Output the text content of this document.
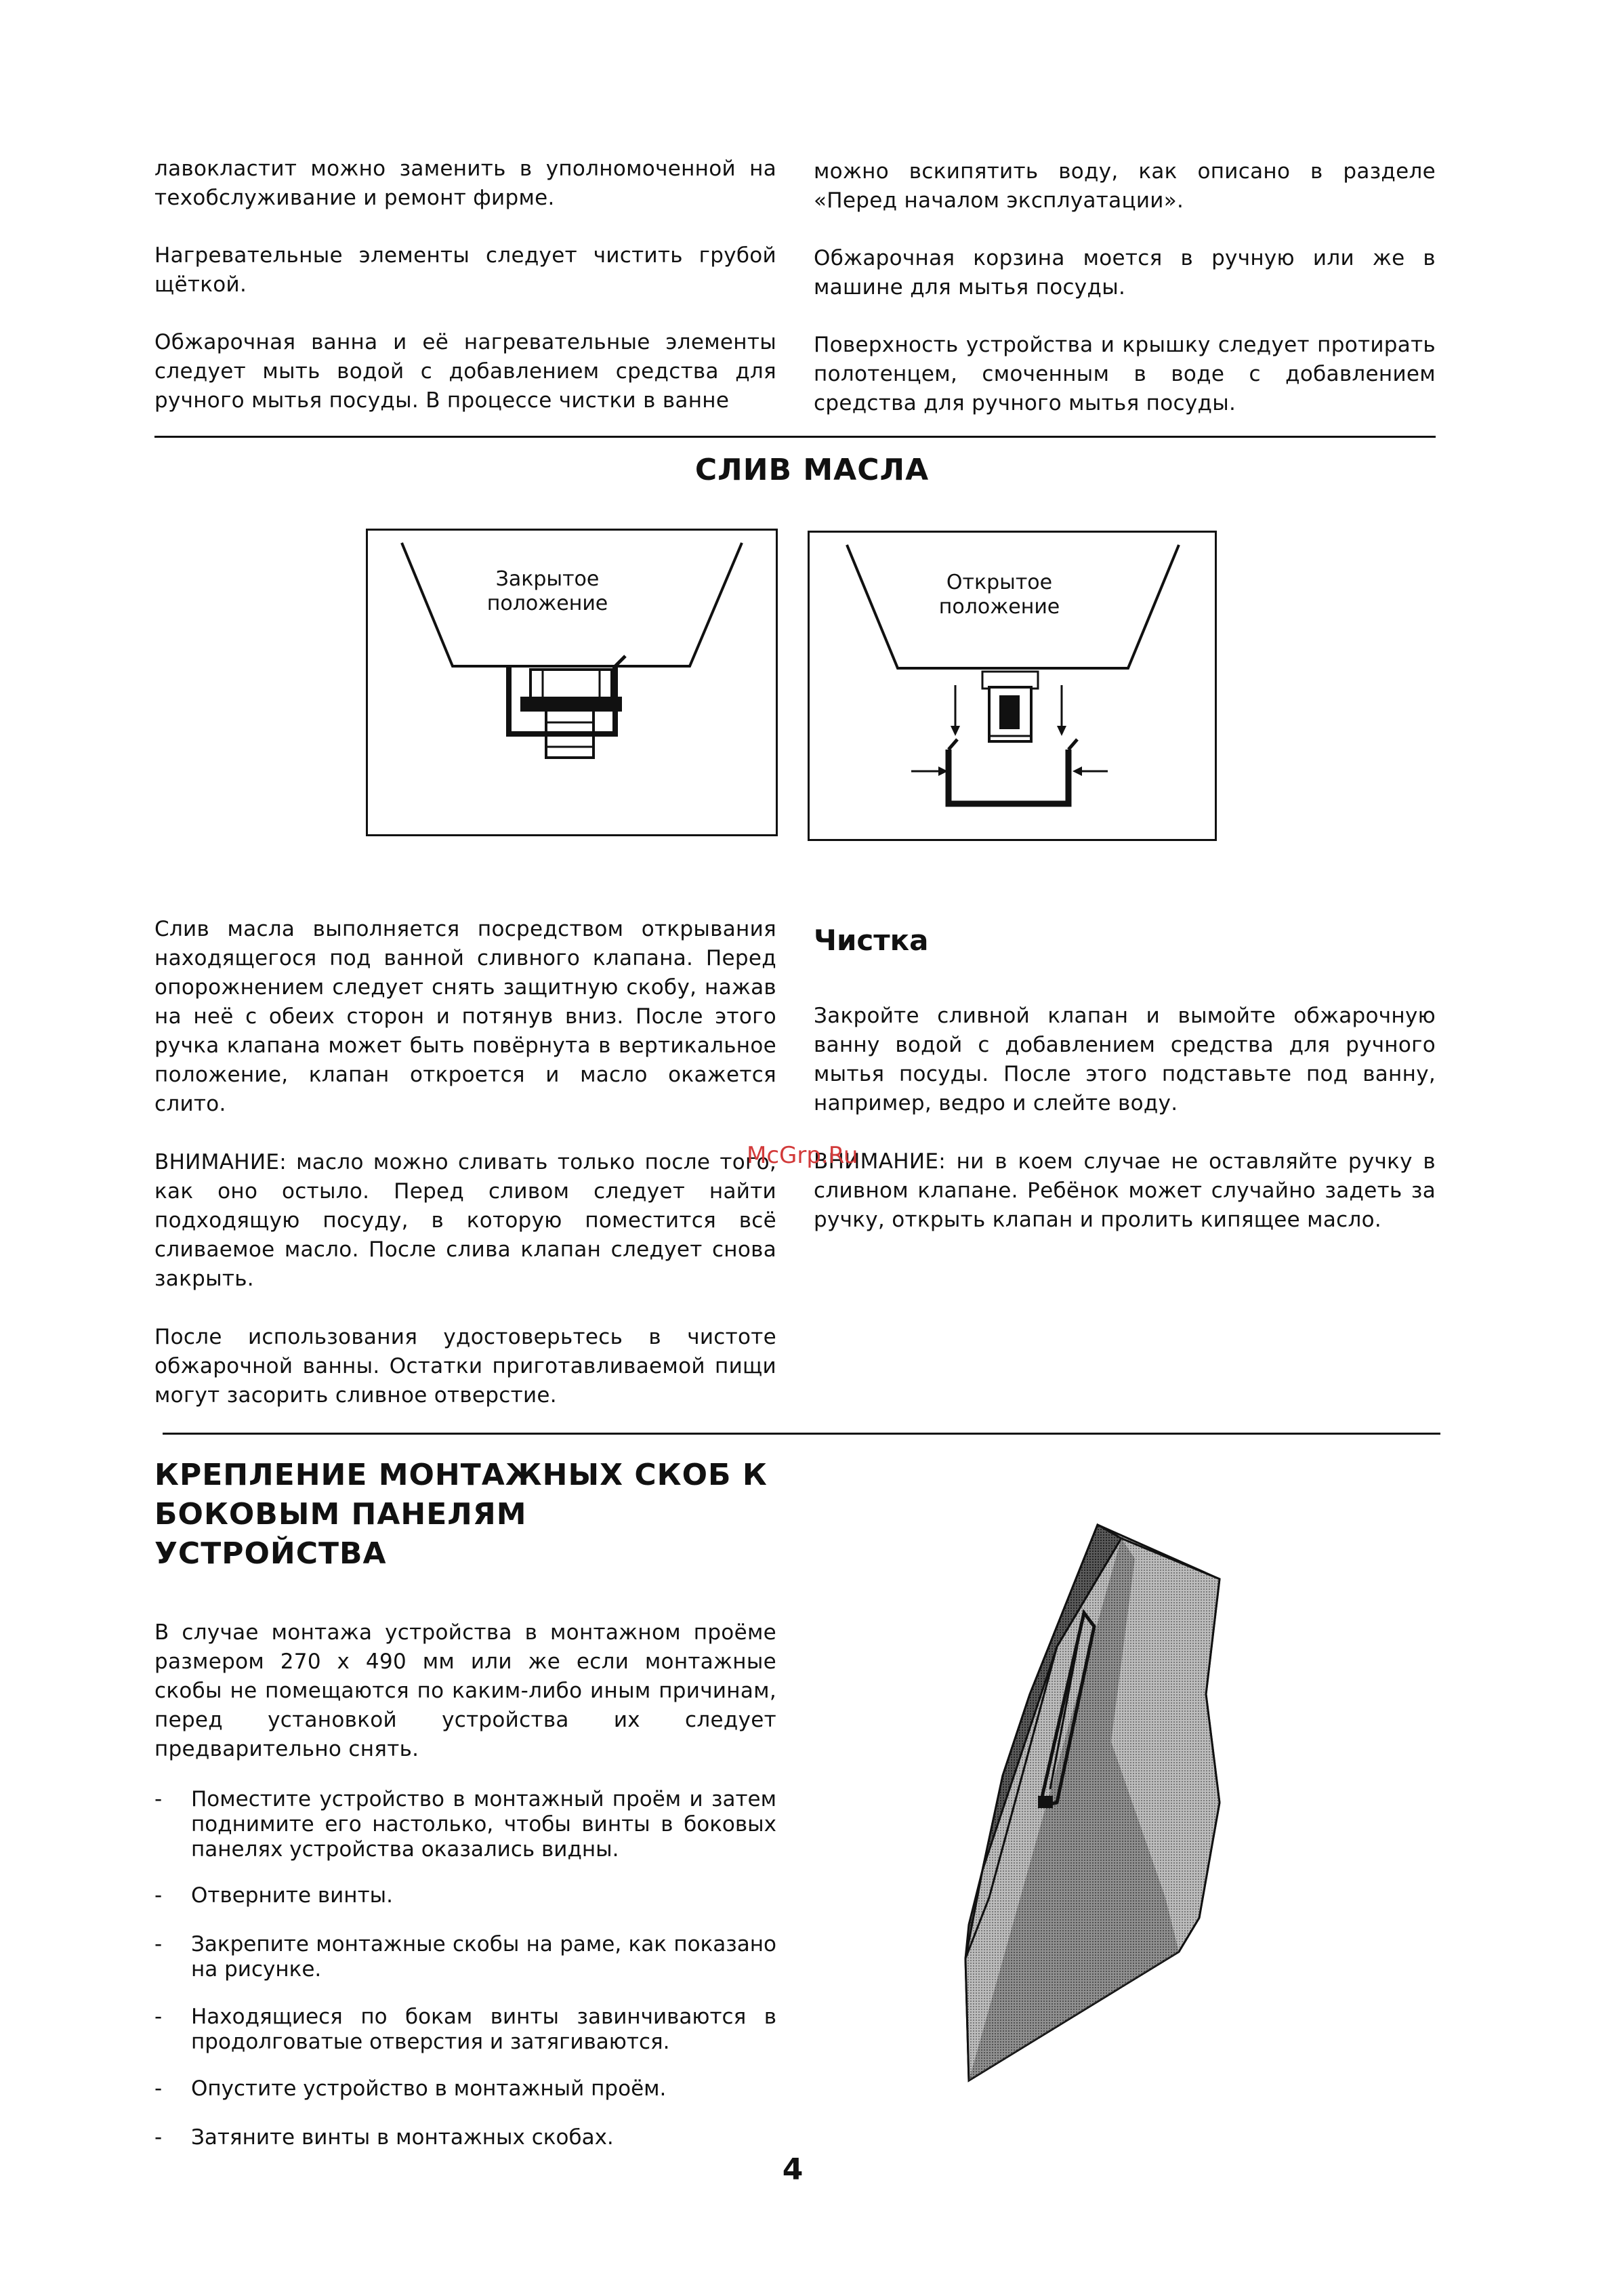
лавокластит можно заменить в уполномоченной на техобслуживание и ремонт фирме.

Нагревательные элементы следует чистить грубой щёткой.

Обжарочная ванна и её нагревательные элементы следует мыть водой с добавлением средства для ручного мытья посуды. В процессе чистки в ванне

можно вскипятить воду, как описано в разделе «Перед началом эксплуатации».

Обжарочная корзина моется в ручную или же в машине для мытья посуды.

Поверхность устройства и крышку следует протирать полотенцем, смоченным в воде с добавлением средства для ручного мытья посуды.

СЛИВ МАСЛА
Закрытое
положение
Открытое
положение

Слив масла выполняется посредством открывания находящегося под ванной сливного клапана. Перед опорожнением следует снять защитную скобу, нажав на неё с обеих сторон и потянув вниз. После этого ручка клапана может быть повёрнута в вертикальное положение, клапан откроется и масло окажется слито.

ВНИМАНИЕ: масло можно сливать только после того, как оно остыло. Перед сливом следует найти подходящую посуду, в которую поместится всё сливаемое масло. После слива клапан следует снова закрыть.

После использования удостоверьтесь в чистоте обжарочной ванны. Остатки приготавливаемой пищи могут засорить сливное отверстие.

Чистка

Закройте сливной клапан и вымойте обжарочную ванну водой с добавлением средства для ручного мытья посуды. После этого подставьте под ванну, например, ведро и слейте воду.

ВНИМАНИЕ: ни в коем случае не оставляйте ручку в сливном клапане. Ребёнок может случайно задеть за ручку, открыть клапан и пролить кипящее масло.

McGrp.Ru
КРЕПЛЕНИЕ МОНТАЖНЫХ СКОБ К
БОКОВЫМ ПАНЕЛЯМ
УСТРОЙСТВА

В случае монтажа устройства в монтажном проёме размером 270 x 490 мм или же если монтажные скобы не помещаются по каким-либо иным причинам, перед установкой устройства их следует предварительно снять.

- Поместите устройство в монтажный проём и затем поднимите его настолько, чтобы винты в боковых панелях устройства оказались видны.
- Отверните винты.
- Закрепите монтажные скобы на раме, как показано на рисунке.
- Находящиеся по бокам винты завинчиваются в продолговатые отверстия и затягиваются.
- Опустите устройство в монтажный проём.
- Затяните винты в монтажных скобах.
4
